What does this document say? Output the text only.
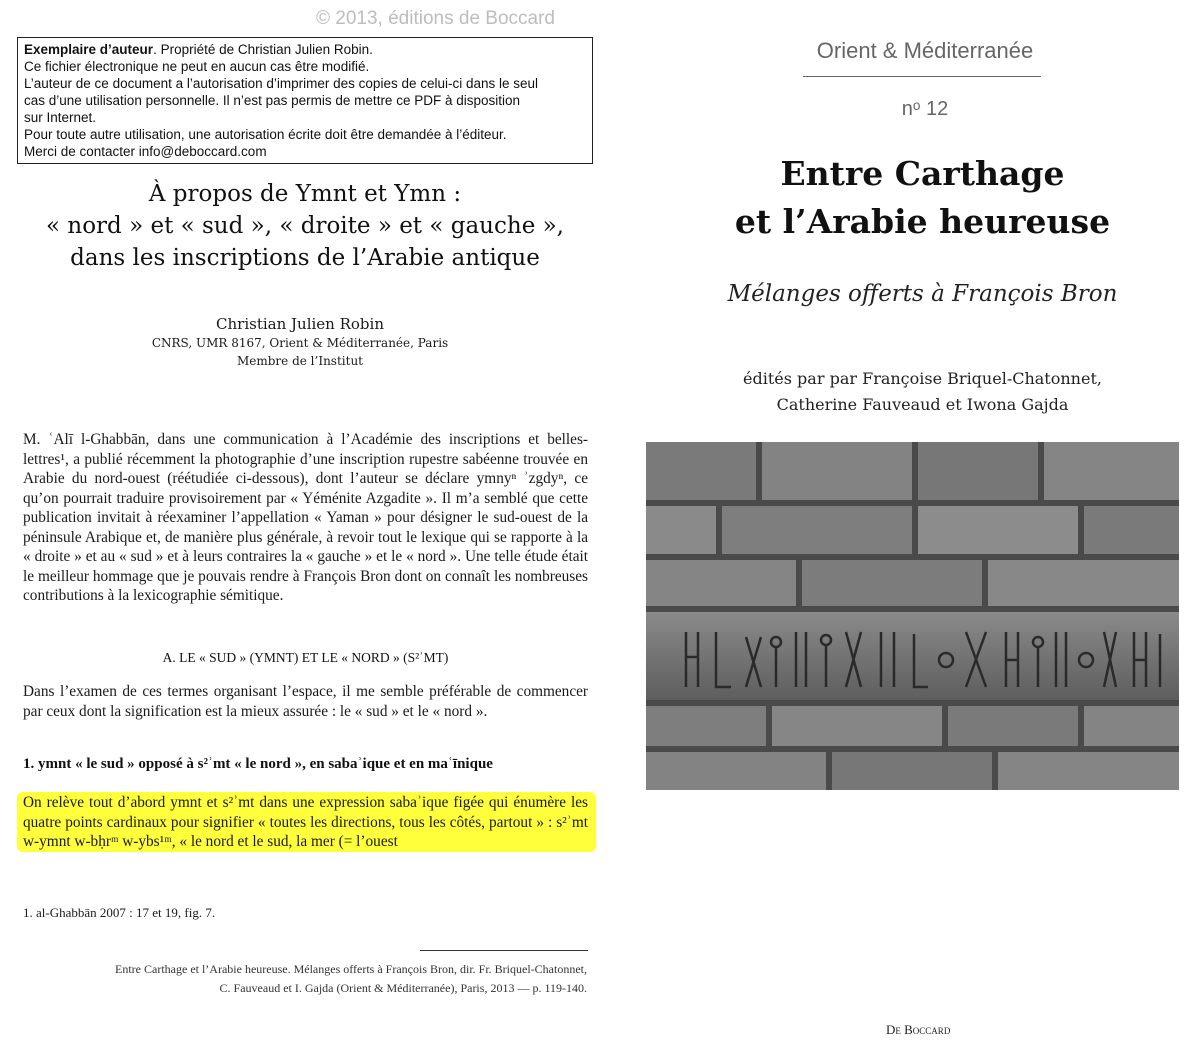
© 2013, éditions de Boccard
Exemplaire d’auteur. Propriété de Christian Julien Robin.
Ce fichier électronique ne peut en aucun cas être modifié.
L’auteur de ce document a l’autorisation d’imprimer des copies de celui-ci dans le seul
cas d’une utilisation personnelle. Il n’est pas permis de mettre ce PDF à disposition
sur Internet.
Pour toute autre utilisation, une autorisation écrite doit être demandée à l’éditeur.
Merci de contacter info@deboccard.com
À propos de Ymnt et Ymn :
« nord » et « sud », « droite » et « gauche »,
dans les inscriptions de l’Arabie antique
Christian Julien Robin
CNRS, UMR 8167, Orient & Méditerranée, Paris
Membre de l’Institut
M. ʿAlī l-Ghabbān, dans une communication à l’Académie des inscriptions et belles-lettres¹, a publié récemment la photographie d’une inscription rupestre sabéenne trouvée en Arabie du nord-ouest (réétudiée ci-dessous), dont l’auteur se déclare ymnyⁿ ʾzgdyⁿ, ce qu’on pourrait traduire provisoirement par « Yéménite Azgadite ». Il m’a semblé que cette publication invitait à réexaminer l’appellation « Yaman » pour désigner le sud-ouest de la péninsule Arabique et, de manière plus générale, à revoir tout le lexique qui se rapporte à la « droite » et au « sud » et à leurs contraires la « gauche » et le « nord ». Une telle étude était le meilleur hommage que je pouvais rendre à François Bron dont on connaît les nombreuses contributions à la lexicographie sémitique.
A. LE « SUD » (YMNT) ET LE « NORD » (S²ʾMT)
Dans l’examen de ces termes organisant l’espace, il me semble préférable de commencer par ceux dont la signification est la mieux assurée : le « sud » et le « nord ».
1. ymnt « le sud » opposé à s²ʾmt « le nord », en sabaʾique et en maʿīnique
On relève tout d’abord ymnt et s²ʾmt dans une expression sabaʾique figée qui énumère les quatre points cardinaux pour signifier « toutes les directions, tous les côtés, partout » : s²ʾmt w-ymnt w-bḥrᵐ w-ybs¹ᵐ, « le nord et le sud, la mer (= l’ouest
1. al-Ghabbān 2007 : 17 et 19, fig. 7.
Entre Carthage et l’Arabie heureuse. Mélanges offerts à François Bron, dir. Fr. Briquel-Chatonnet,
C. Fauveaud et I. Gajda (Orient & Méditerranée), Paris, 2013 — p. 119-140.
Orient & Méditerranée
nᵒ 12
Entre Carthage
et l’Arabie heureuse
Mélanges offerts à François Bron
édités par par Françoise Briquel-Chatonnet,
Catherine Fauveaud et Iwona Gajda
De Boccard
